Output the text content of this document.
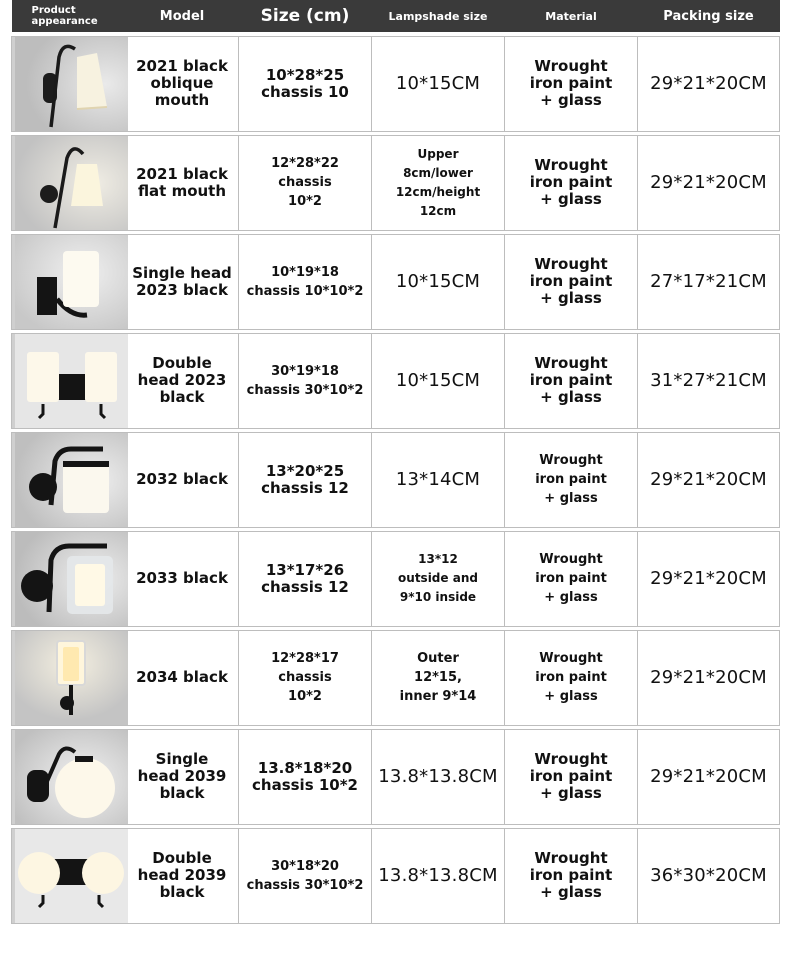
Product
appearance	Model	Size (cm)	Lampshade size	Material	Packing size

	2021 black
oblique
mouth	10*28*25
chassis 10	10*15CM	Wrought
iron paint
+ glass	29*21*20CM

	2021 black
flat mouth	12*28*22
chassis
10*2	Upper
8cm/lower
12cm/height
12cm	Wrought
iron paint
+ glass	29*21*20CM

	Single head
2023 black	10*19*18
chassis 10*10*2	10*15CM	Wrought
iron paint
+ glass	27*17*21CM

	Double
head 2023
black	30*19*18
chassis 30*10*2	10*15CM	Wrought
iron paint
+ glass	31*27*21CM

	2032 black	13*20*25
chassis 12	13*14CM	Wrought
iron paint
+ glass	29*21*20CM

	2033 black	13*17*26
chassis 12	13*12
outside and
9*10 inside	Wrought
iron paint
+ glass	29*21*20CM

	2034 black	12*28*17
chassis
10*2	Outer
12*15,
inner 9*14	Wrought
iron paint
+ glass	29*21*20CM

	Single
head 2039
black	13.8*18*20
chassis 10*2	13.8*13.8CM	Wrought
iron paint
+ glass	29*21*20CM

	Double
head 2039
black	30*18*20
chassis 30*10*2	13.8*13.8CM	Wrought
iron paint
+ glass	36*30*20CM
